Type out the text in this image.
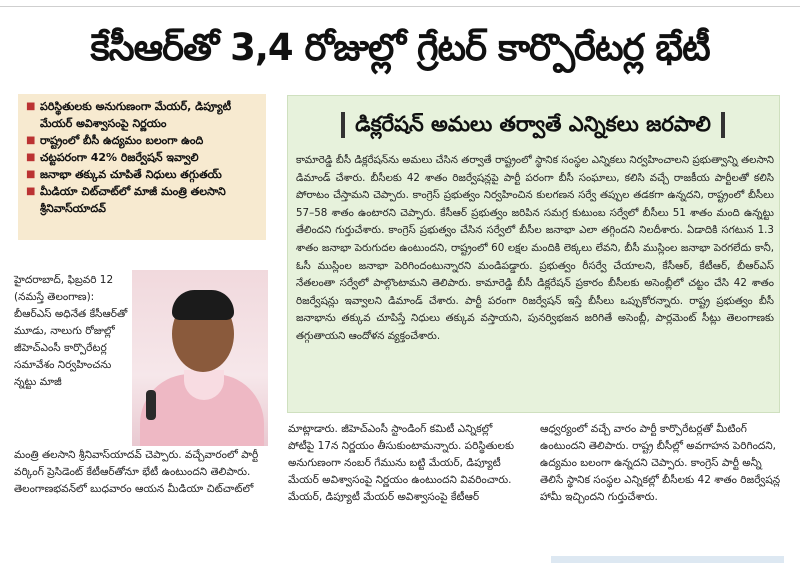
కేసీఆర్‌తో 3,4 రోజుల్లో గ్రేటర్ కార్పొరేటర్ల భేటీ
■ పరిస్థితులకు అనుగుణంగా మేయర్, డిప్యూటీ మేయర్ అవిశ్వాసంపై నిర్ణయం
■ రాష్ట్రంలో బీసీ ఉద్యమం బలంగా ఉంది
■ చట్టపరంగా 42% రిజర్వేషన్ ఇవ్వాలి
■ జనాభా తక్కువ చూపితే నిధులు తగ్గుతయ్
■ మీడియా చిట్‌చాట్‌లో మాజీ మంత్రి తలసాని శ్రీనివాస్‌యాదవ్

హైదరాబాద్, ఫిబ్రవరి 12 (నమస్తే తెలంగాణ): బీఆర్‌ఎస్ అధినేత కేసీఆర్‌తో మూడు, నాలుగు రోజుల్లో జీహెచ్‌ఎంసీ కార్పొరేటర్ల సమావేశం నిర్వహించను న్నట్టు మాజీ

మంత్రి తలసాని శ్రీనివాస్‌యాదవ్ చెప్పారు. వచ్చేవారంలో పార్టీ వర్కింగ్ ప్రెసిడెంట్ కేటీఆర్‌తోనూ భేటీ ఉంటుందని తెలిపారు. తెలంగాణభవన్‌లో బుధవారం ఆయన మీడియా చిట్‌చాట్‌లో

డిక్లరేషన్ అమలు తర్వాతే ఎన్నికలు జరపాలి

కామారెడ్డి బీసీ డిక్లరేషన్‌ను అమలు చేసిన తర్వాతే రాష్ట్రంలో స్థానిక సంస్థల ఎన్నికలు నిర్వహించాలని ప్రభుత్వాన్ని తలసాని డిమాండ్ చేశారు. బీసీలకు 42 శాతం రిజర్వేషన్లపై పార్టీ పరంగా బీసీ సంఘాలు, కలిసి వచ్చే రాజకీయ పార్టీలతో కలిసి పోరాటం చేస్తామని చెప్పారు. కాంగ్రెస్ ప్రభుత్వం నిర్వహించిన కులగణన సర్వే తప్పుల తడకగా ఉన్నదని, రాష్ట్రంలో బీసీలు 57–58 శాతం ఉంటారని చెప్పారు. కేసీఆర్ ప్రభుత్వం జరిపిన సమగ్ర కుటుంబ సర్వేలో బీసీలు 51 శాతం మంది ఉన్నట్టు తేలిందని గుర్తుచేశారు. కాంగ్రెస్ ప్రభుత్వం చేసిన సర్వేలో బీసీల జనాభా ఎలా తగ్గిందని నిలదీశారు. ఏడాదికి సగటున 1.3 శాతం జనాభా పెరుగుదల ఉంటుందని, రాష్ట్రంలో 60 లక్షల మందికి లెక్కలు లేవని, బీసీ ముస్లింల జనాభా పెరగలేదు కానీ, ఓసీ ముస్లింల జనాభా పెరిగిందంటున్నారని మండిపడ్డారు. ప్రభుత్వం రీసర్వే చేయాలని, కేసీఆర్, కేటీఆర్, బీఆర్‌ఎస్ నేతలంతా సర్వేలో పాల్గొంటామని తెలిపారు. కామారెడ్డి బీసీ డిక్లరేషన్ ప్రకారం బీసీలకు అసెంబ్లీలో చట్టం చేసి 42 శాతం రిజర్వేషన్లు ఇవ్వాలని డిమాండ్ చేశారు. పార్టీ పరంగా రిజర్వేషన్ ఇస్తే బీసీలు ఒప్పుకోరన్నారు. రాష్ట్ర ప్రభుత్వం బీసీ జనాభాను తక్కువ చూపిస్తే నిధులు తక్కువ వస్తాయని, పునర్విభజన జరిగితే అసెంబ్లీ, పార్లమెంట్ సీట్లు తెలంగాణకు తగ్గుతాయని ఆందోళన వ్యక్తంచేశారు.

మాట్లాడారు. జీహెచ్‌ఎంసీ స్టాండింగ్ కమిటీ ఎన్నికల్లో పోటీపై 17న నిర్ణయం తీసుకుంటామన్నారు. పరిస్థితులకు అనుగుణంగా నంబర్ గేమును బట్టి మేయర్, డిప్యూటీ మేయర్ అవిశ్వాసంపై నిర్ణయం ఉంటుందని వివరించారు. మేయర్, డిప్యూటీ మేయర్ అవిశ్వాసంపై కేటీఆర్

ఆధ్వర్యంలో వచ్చే వారం పార్టీ కార్పొరేటర్లతో మీటింగ్ ఉంటుందని తెలిపారు. రాష్ట్ర బీసీల్లో అవగాహన పెరిగిందని, ఉద్యమం బలంగా ఉన్నదని చెప్పారు. కాంగ్రెస్ పార్టీ అన్నీ తెలిసే స్థానిక సంస్థల ఎన్నికల్లో బీసీలకు 42 శాతం రిజర్వేషన్ల హామీ ఇచ్చిందని గుర్తుచేశారు.
